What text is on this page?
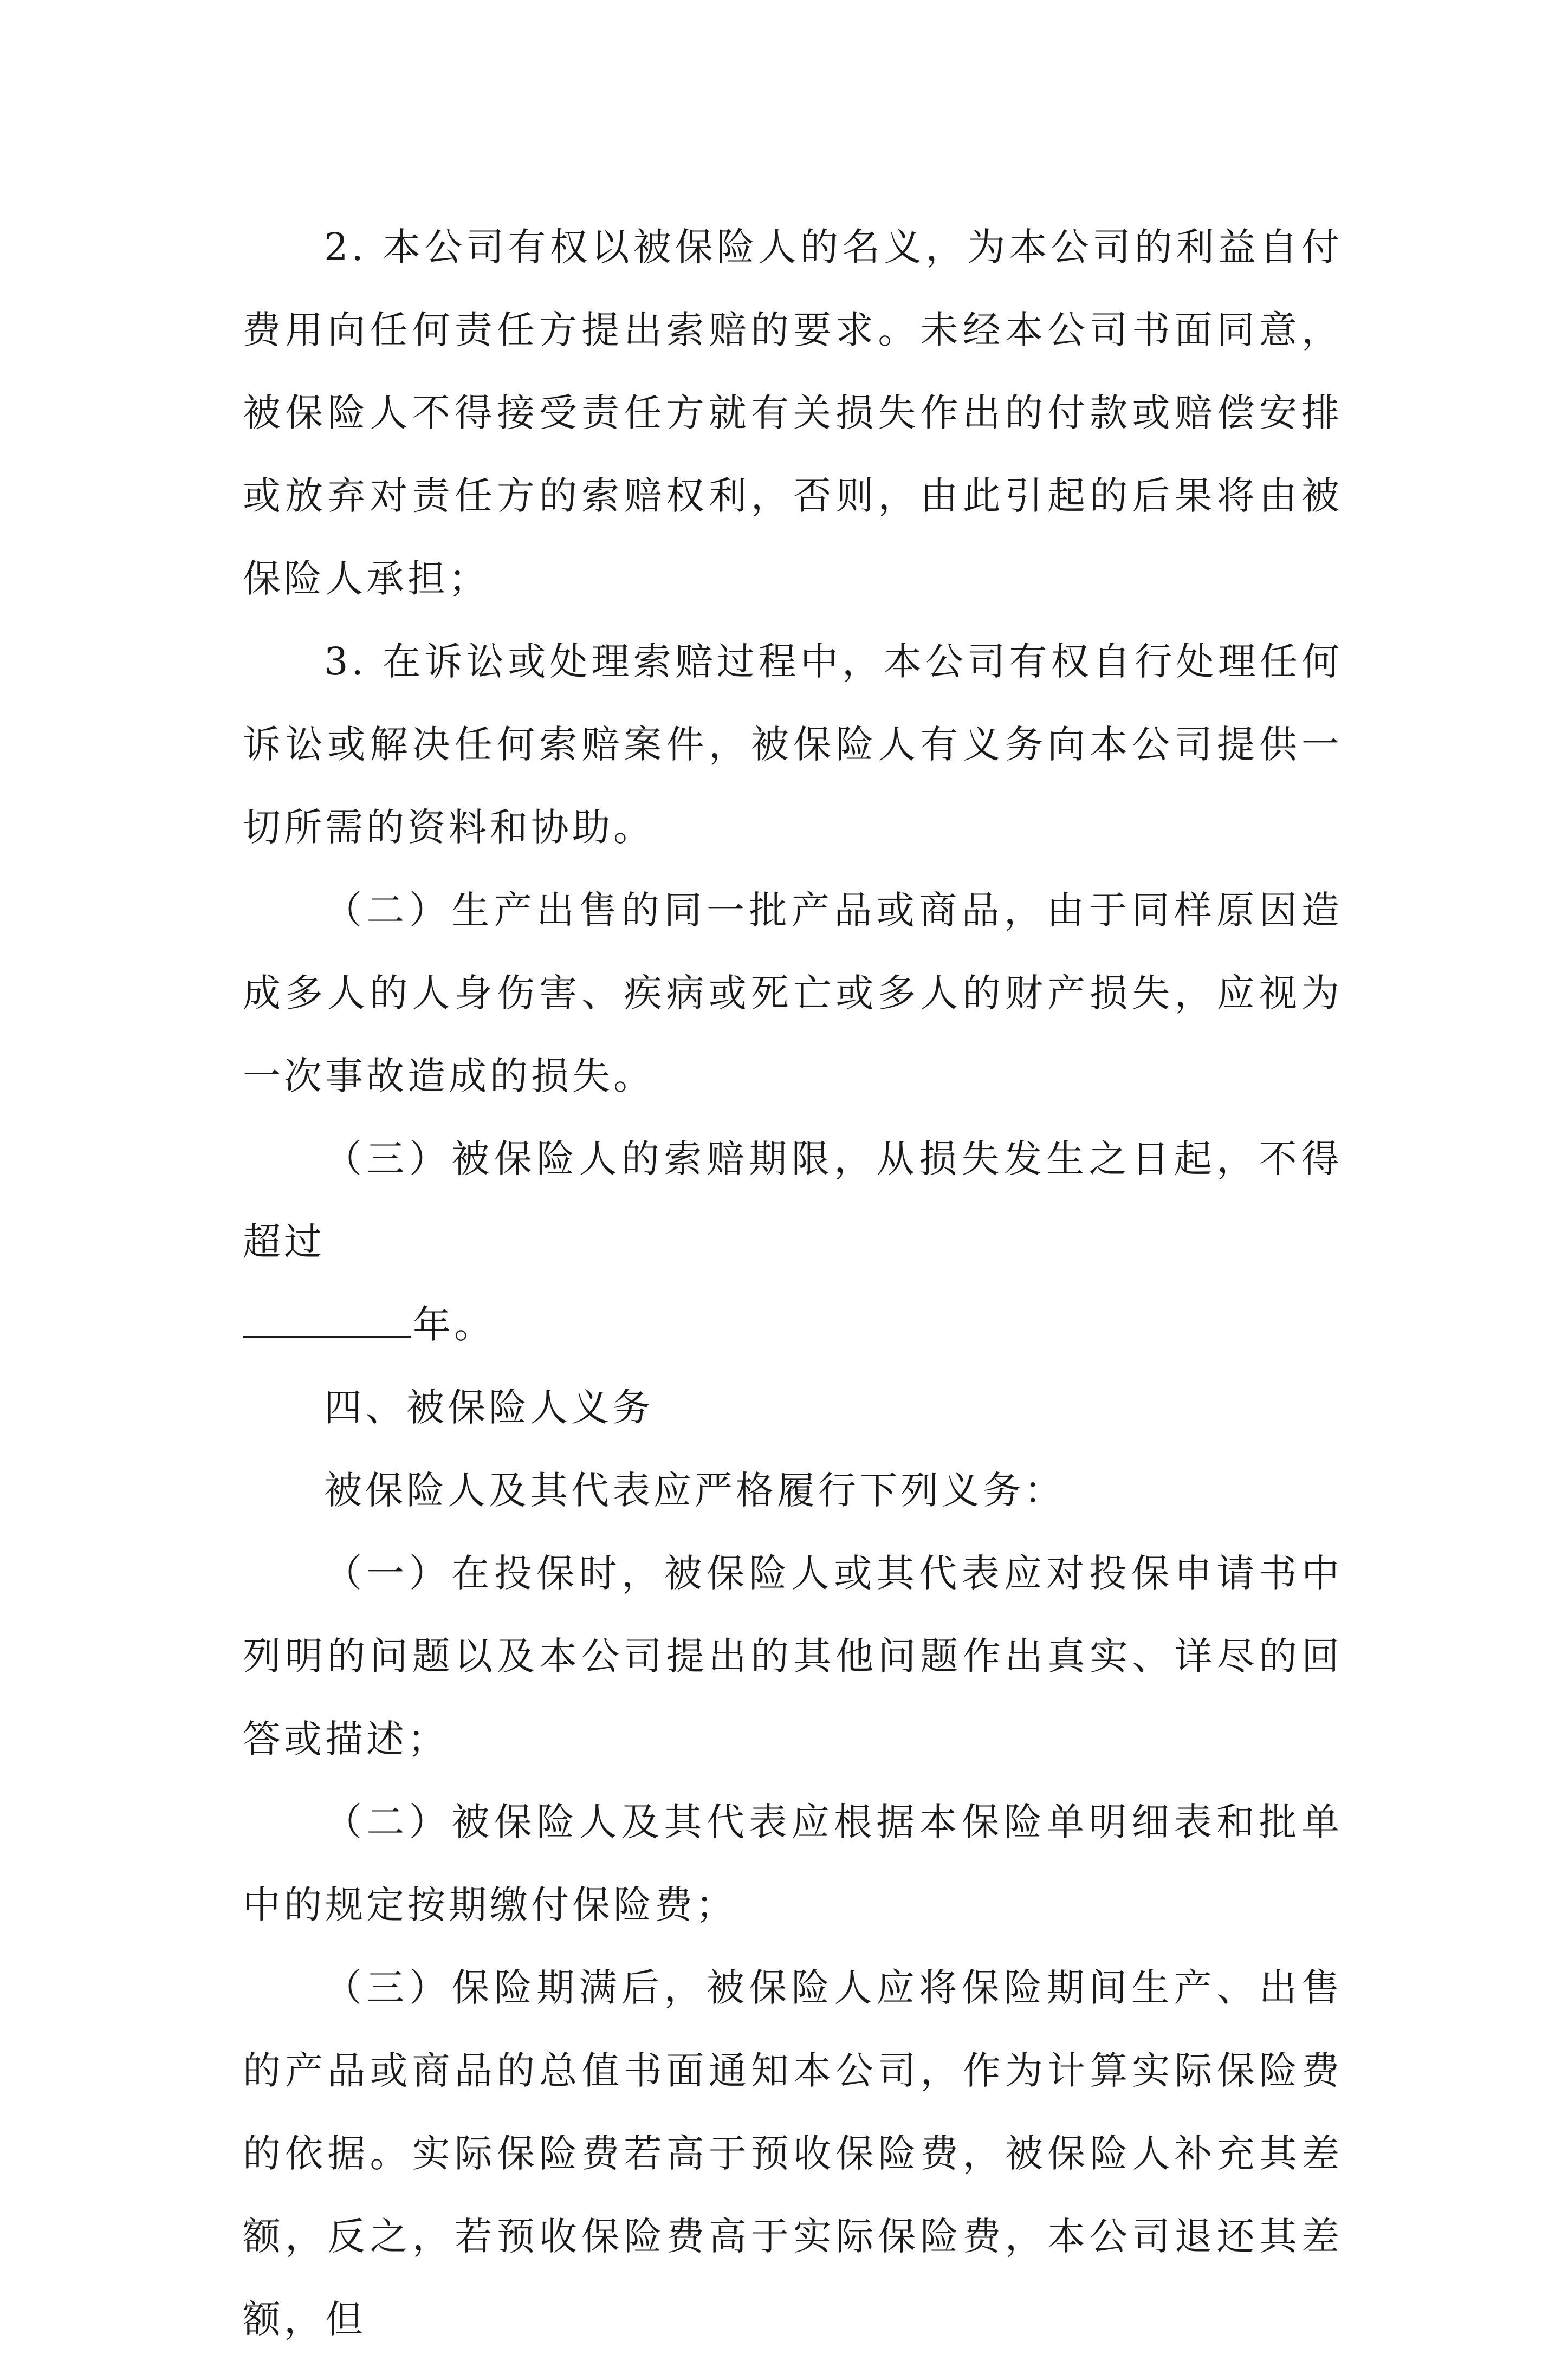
2. 本公司有权以被保险人的名义，为本公司的利益自付费用向任何责任方提出索赔的要求。未经本公司书面同意，被保险人不得接受责任方就有关损失作出的付款或赔偿安排或放弃对责任方的索赔权利，否则，由此引起的后果将由被保险人承担；

3. 在诉讼或处理索赔过程中，本公司有权自行处理任何诉讼或解决任何索赔案件，被保险人有义务向本公司提供一切所需的资料和协助。

（二）生产出售的同一批产品或商品，由于同样原因造成多人的人身伤害、疾病或死亡或多人的财产损失，应视为一次事故造成的损失。

（三）被保险人的索赔期限，从损失发生之日起，不得超过

年。

四、被保险人义务

被保险人及其代表应严格履行下列义务：

（一）在投保时，被保险人或其代表应对投保申请书中列明的问题以及本公司提出的其他问题作出真实、详尽的回答或描述；

（二）被保险人及其代表应根据本保险单明细表和批单中的规定按期缴付保险费；

（三）保险期满后，被保险人应将保险期间生产、出售的产品或商品的总值书面通知本公司，作为计算实际保险费的依据。实际保险费若高于预收保险费，被保险人补充其差额，反之，若预收保险费高于实际保险费，本公司退还其差额，但
